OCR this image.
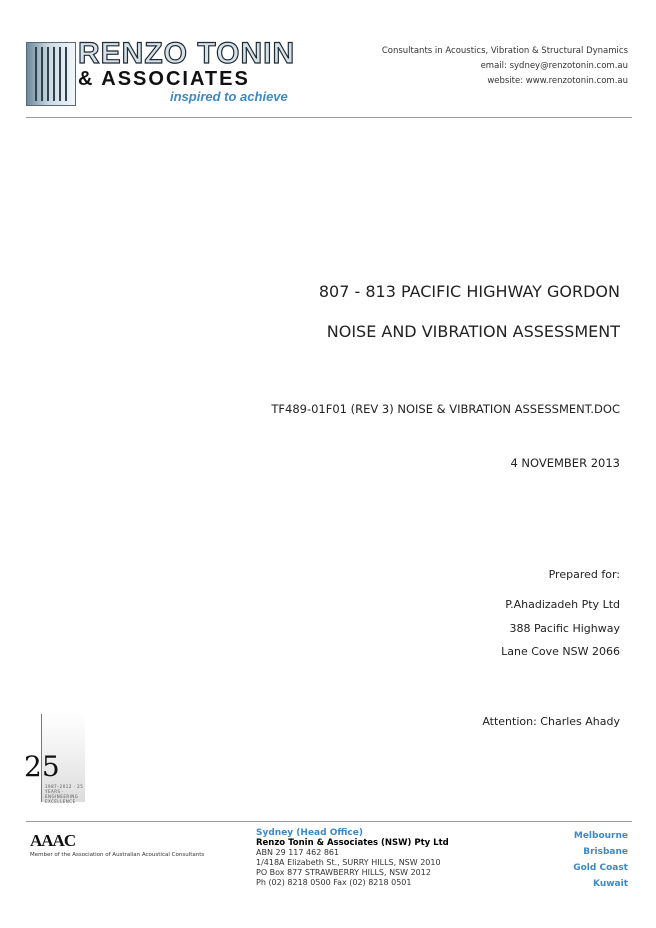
RENZO TONIN
& ASSOCIATES
inspired to achieve
Consultants in Acoustics, Vibration & Structural Dynamics
email: sydney@renzotonin.com.au
website: www.renzotonin.com.au
807 - 813 PACIFIC HIGHWAY GORDON
NOISE AND VIBRATION ASSESSMENT
TF489-01F01 (REV 3) NOISE & VIBRATION ASSESSMENT.DOC
4 NOVEMBER 2013
Prepared for:
P.Ahadizadeh Pty Ltd
388 Pacific Highway
Lane Cove NSW 2066
Attention: Charles Ahady
25
1987–2012 · 25 YEARS · ENGINEERING EXCELLENCE
AAAC
Member of the Association of Australian Acoustical Consultants
Sydney (Head Office)
Renzo Tonin & Associates (NSW) Pty Ltd
ABN 29 117 462 861
1/418A Elizabeth St., SURRY HILLS, NSW 2010
PO Box 877 STRAWBERRY HILLS, NSW 2012
Ph (02) 8218 0500 Fax (02) 8218 0501
Melbourne
Brisbane
Gold Coast
Kuwait
